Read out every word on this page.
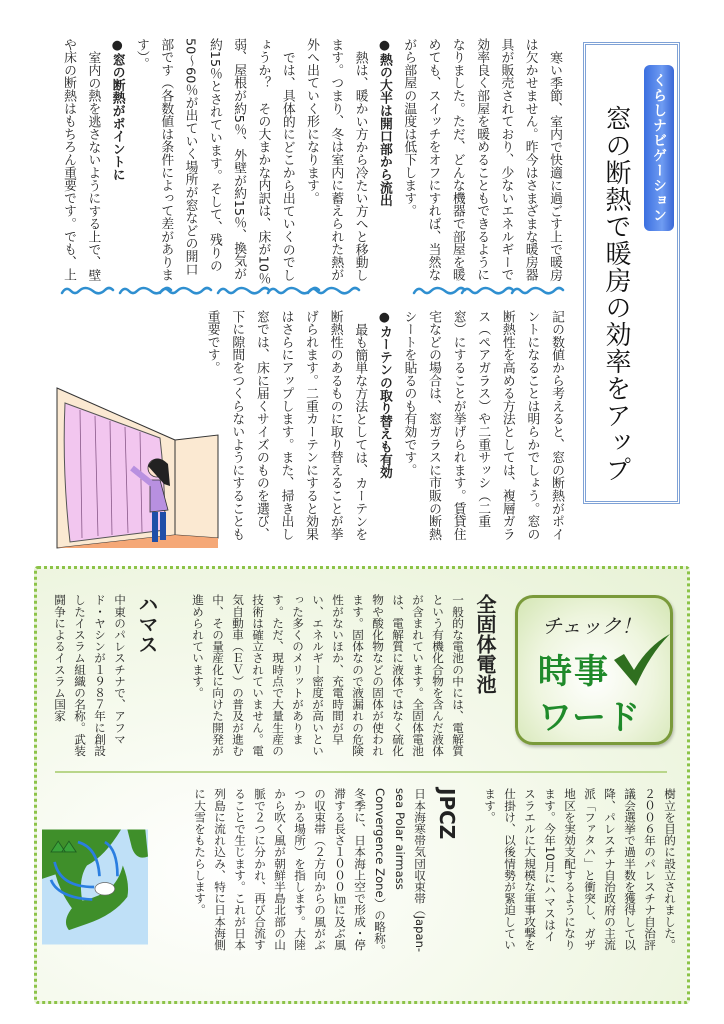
くらしナビゲーション
窓の断熱で暖房の効率をアップ

寒い季節、室内で快適に過ごす上で暖房は欠かせません。昨今はさまざまな暖房器具が販売されており、少ないエネルギーで効率良く部屋を暖めることもできるようになりました。ただ、どんな機器で部屋を暖めても、スイッチをオフにすれば、当然ながら部屋の温度は低下します。

●熱の大半は開口部から流出

熱は、暖かい方から冷たい方へと移動します。つまり、冬は室内に蓄えられた熱が外へ出ていく形になります。

では、具体的にどこから出ていくのでしょうか？　その大まかな内訳は、床が10％弱、屋根が約5％、外壁が約15％、換気が約15％とされています。そして、残りの50～60％が出ていく場所が窓などの開口部です（各数値は条件によって差があります）。

●窓の断熱がポイントに

室内の熱を逃さないようにする上で、壁や床の断熱はもちろん重要です。でも、上

記の数値から考えると、窓の断熱がポイントになることは明らかでしょう。窓の断熱性を高める方法としては、複層ガラス（ペアガラス）や二重サッシ（二重窓）にすることが挙げられます。賃貸住宅などの場合は、窓ガラスに市販の断熱シートを貼るのも有効です。

●カーテンの取り替えも有効

最も簡単な方法としては、カーテンを断熱性のあるものに取り替えることが挙げられます。二重カーテンにすると効果はさらにアップします。また、掃き出し窓では、床に届くサイズのものを選び、下に隙間をつくらないようにすることも重要です。

チェック！
時事
ワード

全固体電池

一般的な電池の中には、電解質という有機化合物を含んだ液体が含まれています。全固体電池は、電解質に液体ではなく硫化物や酸化物などの固体が使われます。固体なので液漏れの危険性がないほか、充電時間が早い、エネルギー密度が高いといった多くのメリットがあります。ただ、現時点で大量生産の技術は確立されていません。電気自動車（ＥＶ）の普及が進む中、その量産化に向けた開発が進められています。

ハマス

中東のパレスチナで、アフマド・ヤシンが１９８７年に創設したイスラム組織の名称。武装闘争によるイスラム国家

樹立を目的に設立されました。２００６年のパレスチナ自治評議会選挙で過半数を獲得して以降、パレスチナ自治政府の主流派「ファタハ」と衝突し、ガザ地区を実効支配するようになります。今年10月にハマスはイスラエルに大規模な軍事攻撃を仕掛け、以後情勢が緊迫しています。

JPCZ

日本海寒帯気団収束帯（Japan-sea Polar airmass Convergence Zone）の略称。冬季に、日本海上空で形成・停滞する長さ１０００㎞に及ぶ風の収束帯（２方向からの風がぶつかる場所）を指します。大陸から吹く風が朝鮮半島北部の山脈で２つに分かれ、再び合流することで生じます。これが日本列島に流れ込み、特に日本海側に大雪をもたらします。
